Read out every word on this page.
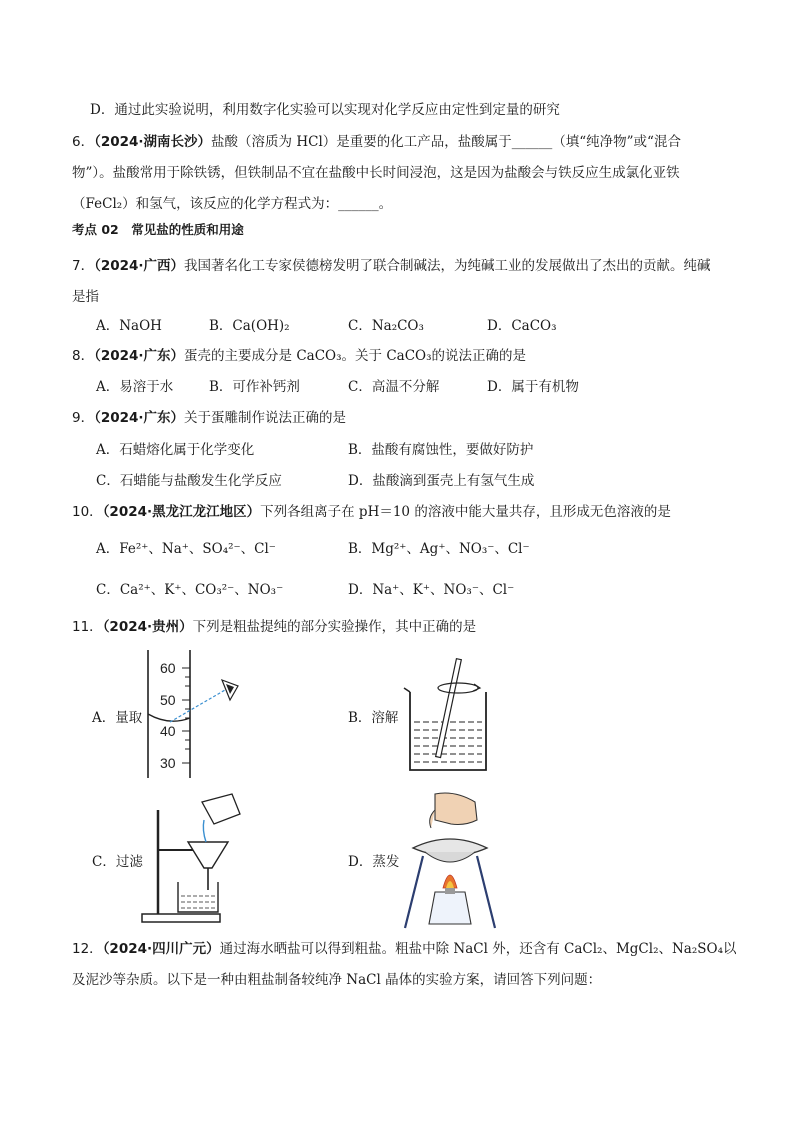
D．通过此实验说明，利用数字化实验可以实现对化学反应由定性到定量的研究
6．（2024·湖南长沙）盐酸（溶质为 HCl）是重要的化工产品，盐酸属于______（填“纯净物”或“混合
物”）。盐酸常用于除铁锈，但铁制品不宜在盐酸中长时间浸泡，这是因为盐酸会与铁反应生成氯化亚铁
（FeCl₂）和氢气，该反应的化学方程式为：______。
考点 02　常见盐的性质和用途
7．（2024·广西）我国著名化工专家侯德榜发明了联合制碱法，为纯碱工业的发展做出了杰出的贡献。纯碱
是指
A．NaOH	B．Ca(OH)₂	C．Na₂CO₃	D．CaCO₃
8．（2024·广东）蛋壳的主要成分是 CaCO₃。关于 CaCO₃的说法正确的是
A．易溶于水	B．可作补钙剂	C．高温不分解	D．属于有机物
9．（2024·广东）关于蛋雕制作说法正确的是
A．石蜡熔化属于化学变化	B．盐酸有腐蚀性，要做好防护
C．石蜡能与盐酸发生化学反应	D．盐酸滴到蛋壳上有氢气生成
10．（2024·黑龙江龙江地区）下列各组离子在 pH＝10 的溶液中能大量共存，且形成无色溶液的是
A．Fe²⁺、Na⁺、SO₄²⁻、Cl⁻	B．Mg²⁺、Ag⁺、NO₃⁻、Cl⁻
C．Ca²⁺、K⁺、CO₃²⁻、NO₃⁻	D．Na⁺、K⁺、NO₃⁻、Cl⁻
11．（2024·贵州）下列是粗盐提纯的部分实验操作，其中正确的是
A．量取	B．溶解
C．过滤	D．蒸发
60
50
40
30
12．（2024·四川广元）通过海水晒盐可以得到粗盐。粗盐中除 NaCl 外，还含有 CaCl₂、MgCl₂、Na₂SO₄以
及泥沙等杂质。以下是一种由粗盐制备较纯净 NaCl 晶体的实验方案，请回答下列问题：
